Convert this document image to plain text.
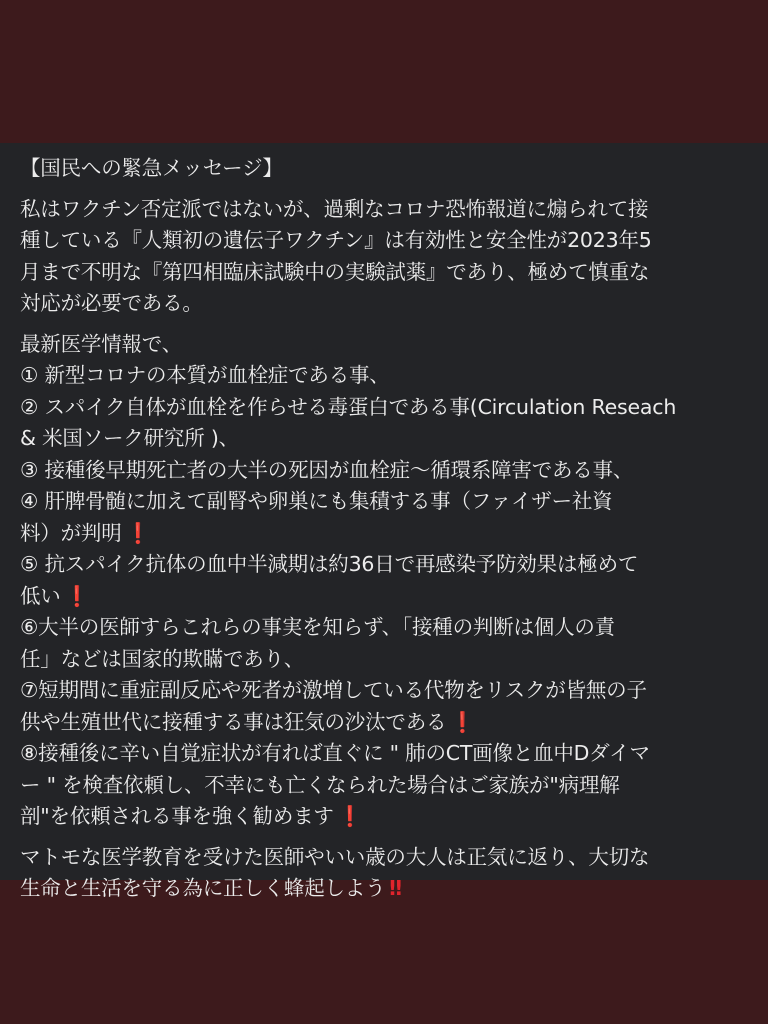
【国民への緊急メッセージ】
私はワクチン否定派ではないが、過剰なコロナ恐怖報道に煽られて接
種している『人類初の遺伝子ワクチン』は有効性と安全性が2023年5
月まで不明な『第四相臨床試験中の実験試薬』であり、極めて慎重な
対応が必要である。
最新医学情報で、
① 新型コロナの本質が血栓症である事、
② スパイク自体が血栓を作らせる毒蛋白である事(Circulation Reseach
& 米国ソーク研究所 )、
③ 接種後早期死亡者の大半の死因が血栓症～循環系障害である事、
④ 肝脾骨髄に加えて副腎や卵巣にも集積する事（ファイザー社資
料）が判明 ❗
⑤ 抗スパイク抗体の血中半減期は約36日で再感染予防効果は極めて
低い ❗
⑥大半の医師すらこれらの事実を知らず、「接種の判断は個人の責
任」などは国家的欺瞞であり、
⑦短期間に重症副反応や死者が激増している代物をリスクが皆無の子
供や生殖世代に接種する事は狂気の沙汰である ❗
⑧接種後に辛い自覚症状が有れば直ぐに " 肺のCT画像と血中Dダイマ
ー " を検査依頼し、不幸にも亡くなられた場合はご家族が"病理解
剖"を依頼される事を強く勧めます ❗
マトモな医学教育を受けた医師やいい歳の大人は正気に返り、大切な
生命と生活を守る為に正しく蜂起しよう ‼
